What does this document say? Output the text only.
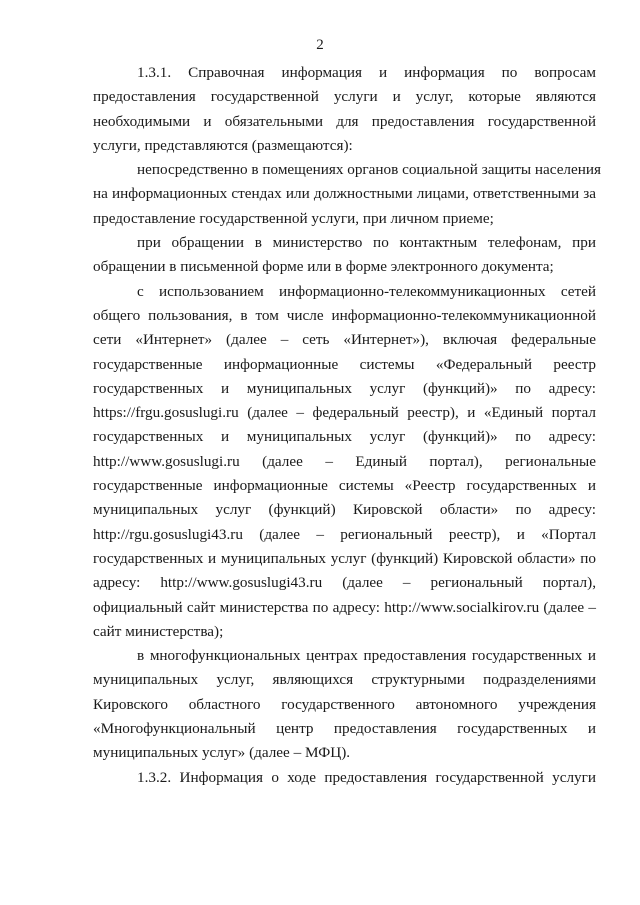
2
1.3.1. Справочная информация и информация по вопросам
предоставления государственной услуги и услуг, которые являются
необходимыми и обязательными для предоставления государственной
услуги, представляются (размещаются):
непосредственно в помещениях органов социальной защиты населения
на информационных стендах или должностными лицами, ответственными за
предоставление государственной услуги, при личном приеме;
при обращении в министерство по контактным телефонам, при
обращении в письменной форме или в форме электронного документа;
с использованием информационно-телекоммуникационных сетей
общего пользования, в том числе информационно-телекоммуникационной
сети «Интернет» (далее – сеть «Интернет»), включая федеральные
государственные информационные системы «Федеральный реестр
государственных и муниципальных услуг (функций)» по адресу:
https://frgu.gosuslugi.ru (далее – федеральный реестр), и «Единый портал
государственных и муниципальных услуг (функций)» по адресу:
http://www.gosuslugi.ru (далее – Единый портал), региональные
государственные информационные системы «Реестр государственных и
муниципальных услуг (функций) Кировской области» по адресу:
http://rgu.gosuslugi43.ru (далее – региональный реестр), и «Портал
государственных и муниципальных услуг (функций) Кировской области» по
адресу: http://www.gosuslugi43.ru (далее – региональный портал),
официальный сайт министерства по адресу: http://www.socialkirov.ru (далее –
сайт министерства);
в многофункциональных центрах предоставления государственных и
муниципальных услуг, являющихся структурными подразделениями
Кировского областного государственного автономного учреждения
«Многофункциональный центр предоставления государственных и
муниципальных услуг» (далее – МФЦ).
1.3.2. Информация о ходе предоставления государственной услуги
